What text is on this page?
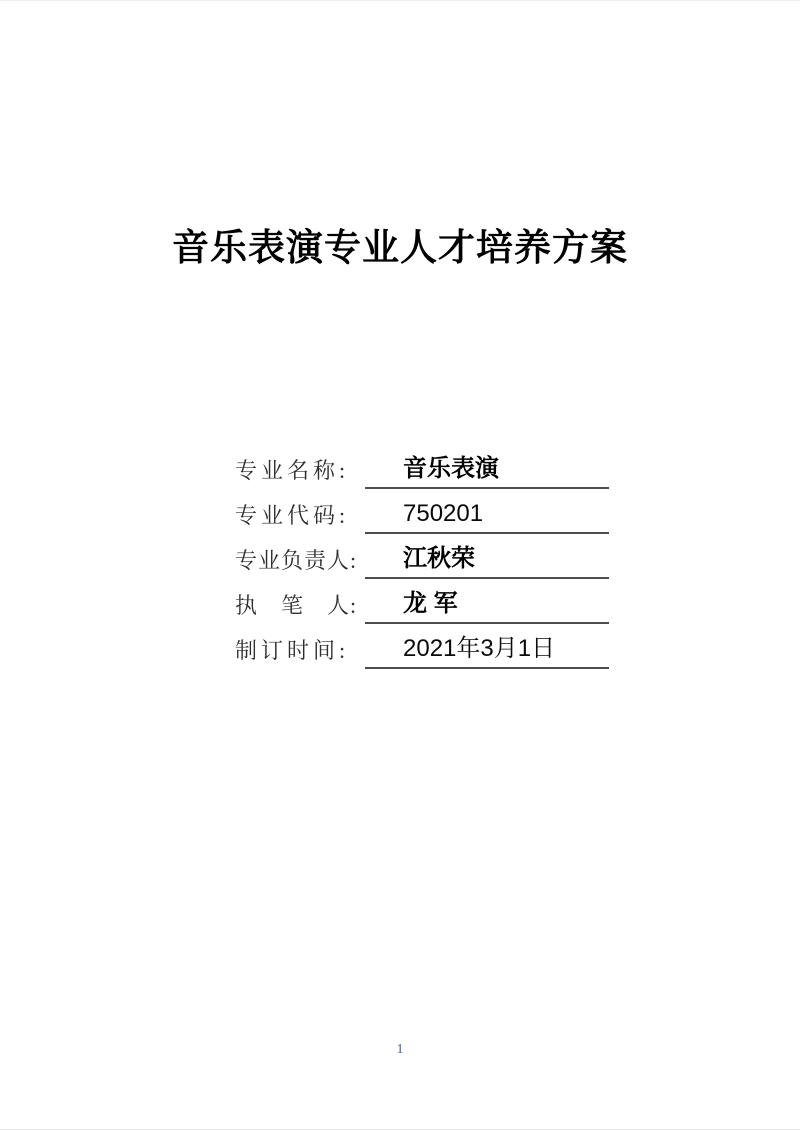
音乐表演专业人才培养方案
专业名称:	音乐表演
专业代码:	750201
专业负责人:	江秋荣
执　笔　人:	龙 军
制订时间:	2021年3月1日
1
